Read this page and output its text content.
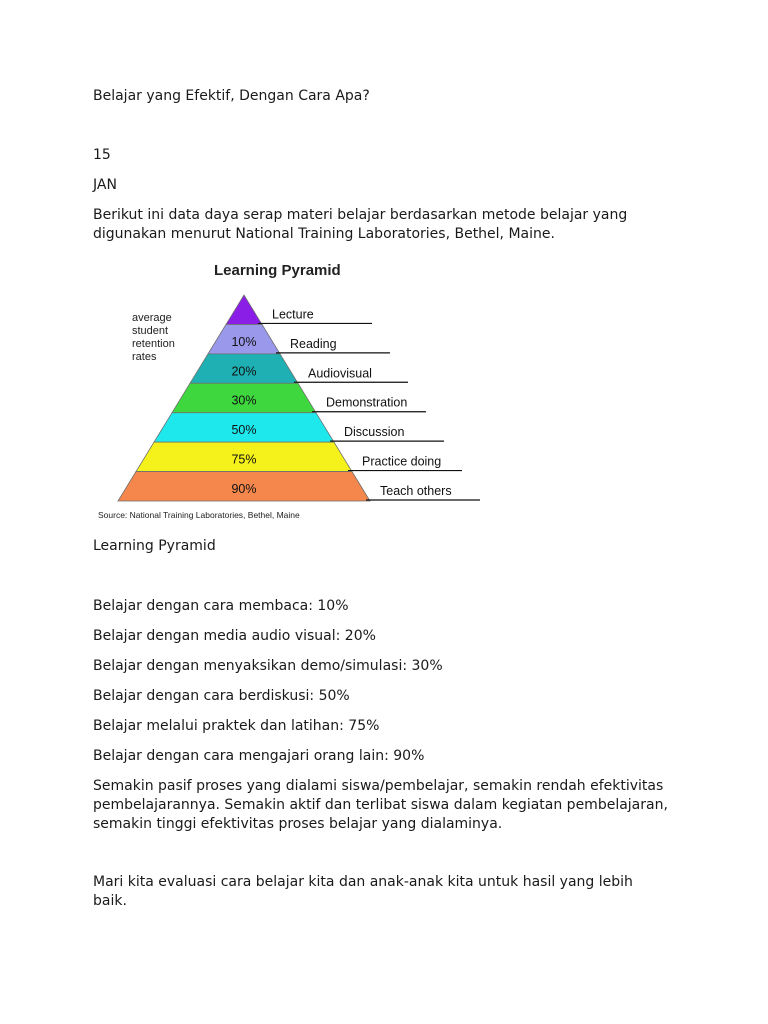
Belajar yang Efektif, Dengan Cara Apa?

15

JAN

Berikut ini data daya serap materi belajar berdasarkan metode belajar yang digunakan menurut National Training Laboratories, Bethel, Maine.

Learning Pyramid
average
student
retention
rates
Lecture
10%	Reading
20%	Audiovisual
30%	Demonstration
50%	Discussion
75%	Practice doing
90%	Teach others
Source: National Training Laboratories, Bethel, Maine

Learning Pyramid

Belajar dengan cara membaca: 10%

Belajar dengan media audio visual: 20%

Belajar dengan menyaksikan demo/simulasi: 30%

Belajar dengan cara berdiskusi: 50%

Belajar melalui praktek dan latihan: 75%

Belajar dengan cara mengajari orang lain: 90%

Semakin pasif proses yang dialami siswa/pembelajar, semakin rendah efektivitas pembelajarannya. Semakin aktif dan terlibat siswa dalam kegiatan pembelajaran, semakin tinggi efektivitas proses belajar yang dialaminya.

Mari kita evaluasi cara belajar kita dan anak-anak kita untuk hasil yang lebih baik.
